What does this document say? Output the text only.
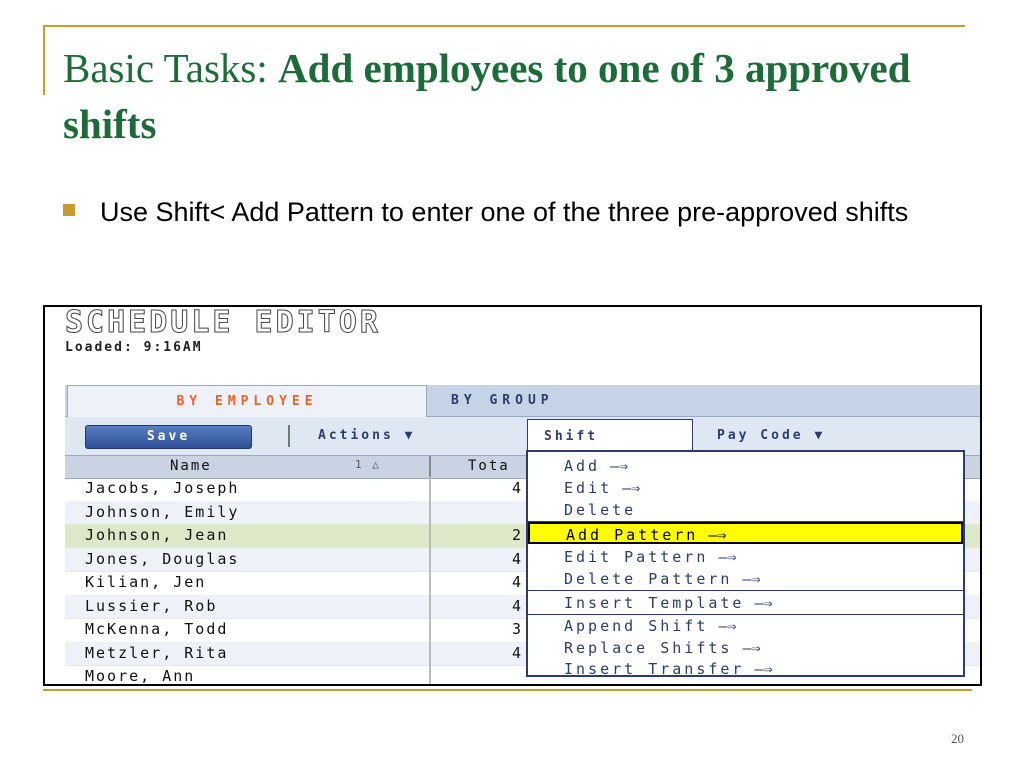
Basic Tasks: Add employees to one of 3 approved shifts
Use Shift< Add Pattern to enter one of the three pre-approved shifts
SCHEDULE EDITOR
Loaded: 9:16AM
BY EMPLOYEE	BY GROUP
Save	Actions ▼	Shift	Pay Code ▼
Name	1 △	Tota
Jacobs, Joseph	4
Johnson, Emily
Johnson, Jean	2
Jones, Douglas	4
Kilian, Jen	4
Lussier, Rob	4
McKenna, Todd	3
Metzler, Rita	4
Moore, Ann
Add —⇒
Edit —⇒
Delete
Add Pattern —⇒
Edit Pattern —⇒
Delete Pattern —⇒
Insert Template —⇒
Append Shift —⇒
Replace Shifts —⇒
Insert Transfer —⇒
20
